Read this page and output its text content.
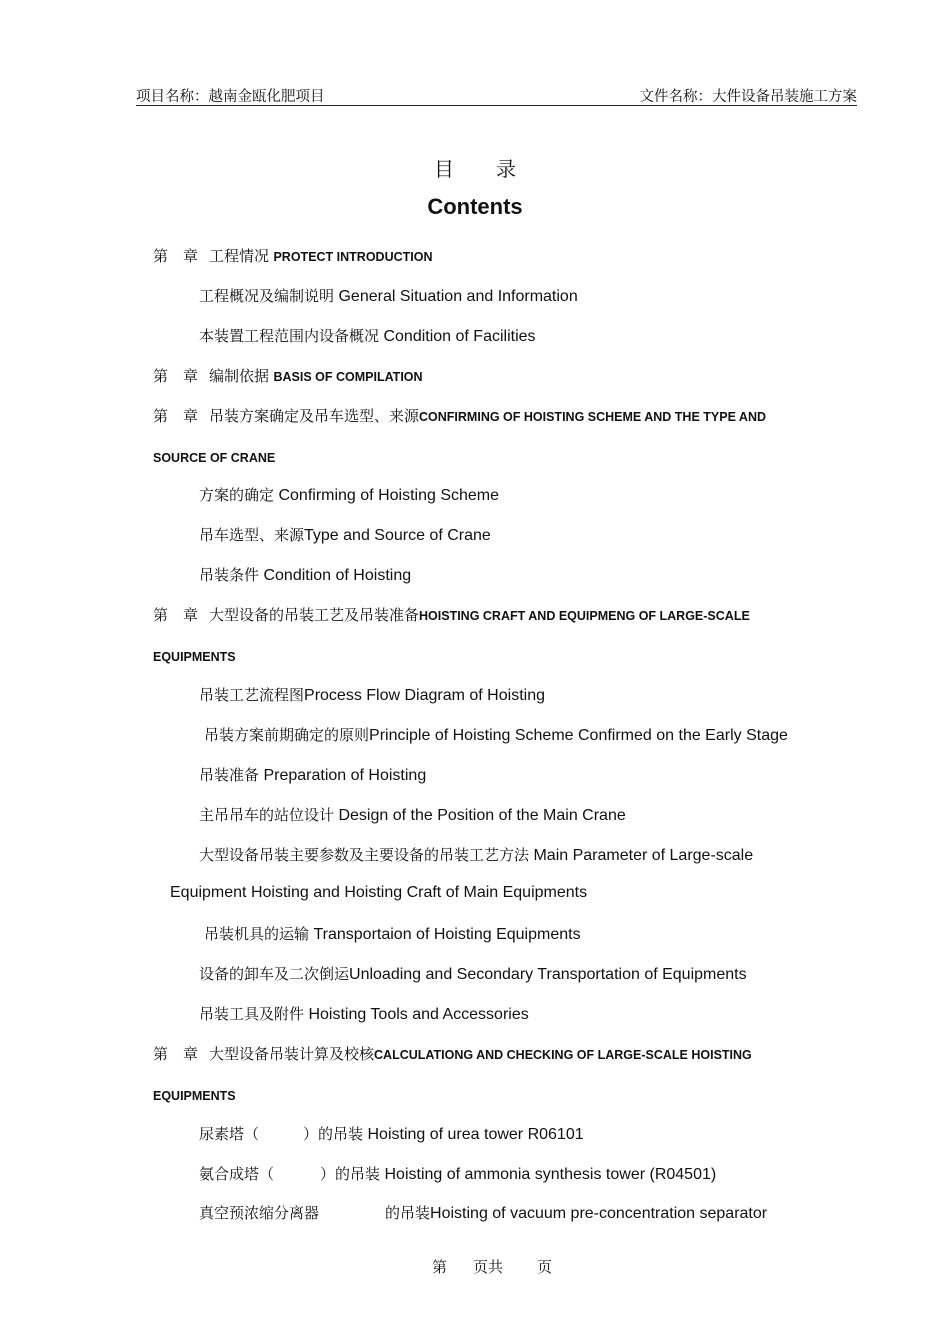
项目名称：越南金瓯化肥项目	文件名称：大件设备吊装施工方案
目录
Contents
第　章 工程情况 PROTECT INTRODUCTION
工程概况及编制说明 General Situation and Information
本装置工程范围内设备概况 Condition of Facilities
第　章 编制依据 BASIS OF COMPILATION
第　章 吊装方案确定及吊车选型、来源CONFIRMING OF HOISTING SCHEME AND THE TYPE AND
SOURCE OF CRANE
方案的确定 Confirming of Hoisting Scheme
吊车选型、来源Type and Source of Crane
吊装条件 Condition of Hoisting
第　章 大型设备的吊装工艺及吊装准备HOISTING CRAFT AND EQUIPMENG OF LARGE‑SCALE
EQUIPMENTS
吊装工艺流程图Process Flow Diagram of Hoisting
吊装方案前期确定的原则Principle of Hoisting Scheme Confirmed on the Early Stage
吊装准备 Preparation of Hoisting
主吊吊车的站位设计 Design of the Position of the Main Crane
大型设备吊装主要参数及主要设备的吊装工艺方法 Main Parameter of Large-scale
Equipment Hoisting and Hoisting Craft of Main Equipments
吊装机具的运输 Transportaion of Hoisting Equipments
设备的卸车及二次倒运Unloading and Secondary Transportation of Equipments
吊装工具及附件 Hoisting Tools and Accessories
第　章 大型设备吊装计算及校核CALCULATIONG AND CHECKING OF LARGE‑SCALE HOISTING
EQUIPMENTS
尿素塔（	）的吊装 Hoisting of urea tower R06101
氨合成塔（	）的吊装 Hoisting of ammonia synthesis tower (R04501)
真空预浓缩分离器	的吊装Hoisting of vacuum pre-concentration separator
第 页共 页
